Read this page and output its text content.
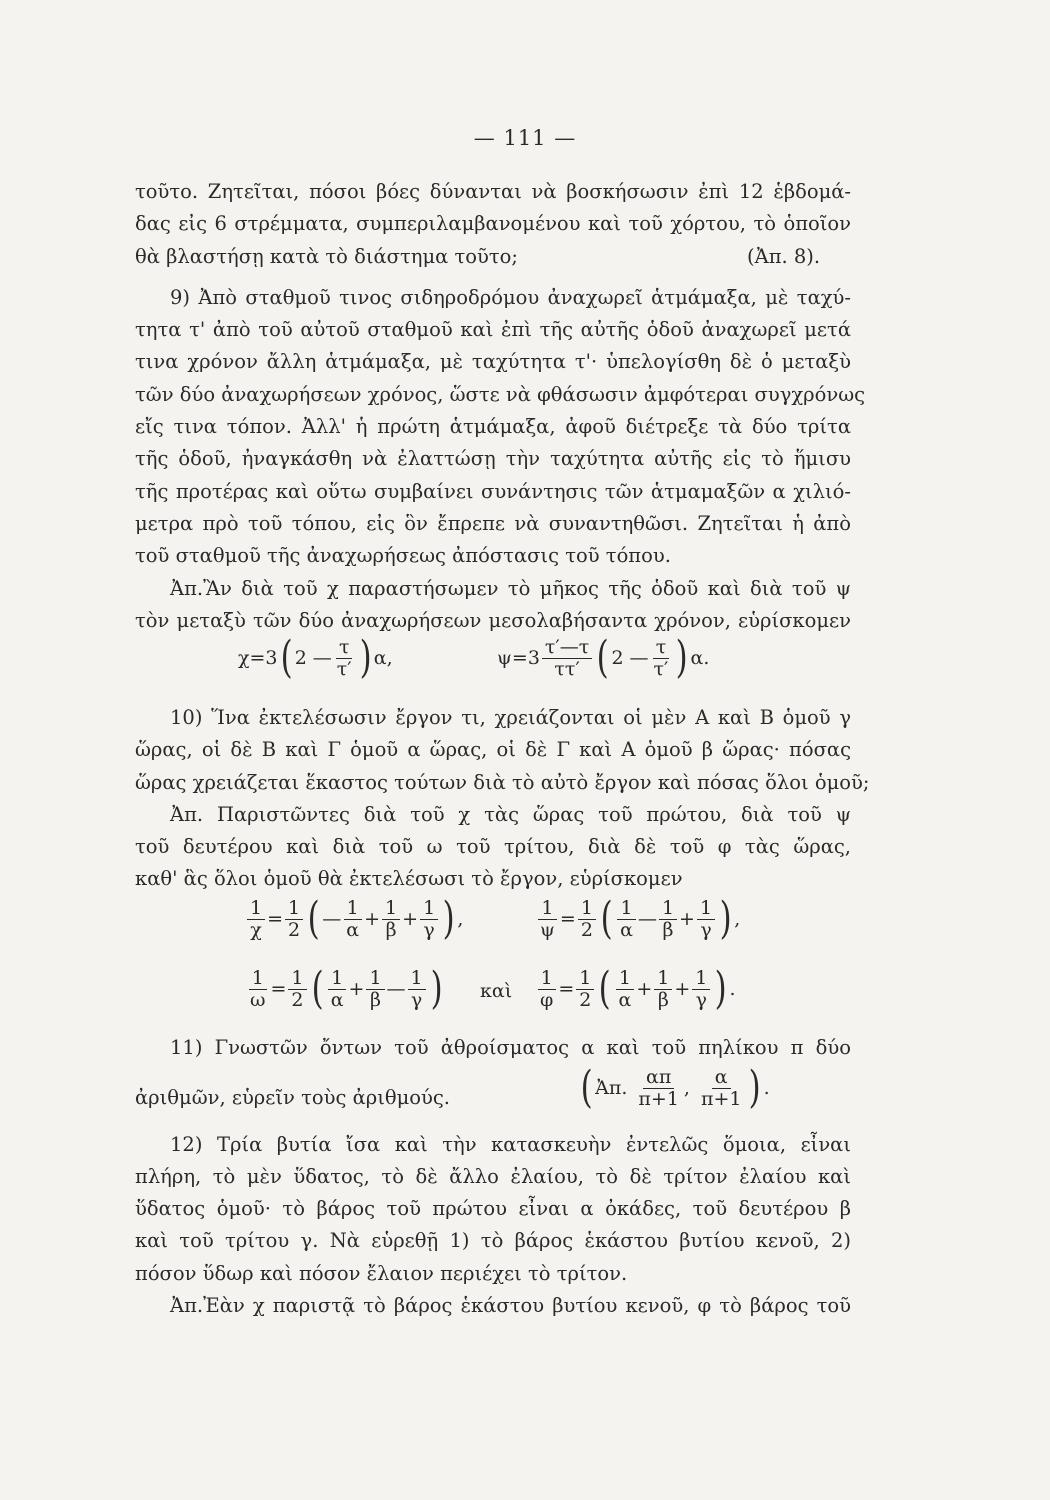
— 111 —
τοῦτο. Ζητεῖται, πόσοι βόες δύνανται νὰ βοσκήσωσιν ἐπὶ 12 ἑβδομά-
δας εἰς 6 στρέμματα, συμπεριλαμβανομένου καὶ τοῦ χόρτου, τὸ ὁποῖον
θὰ βλαστήσῃ κατὰ τὸ διάστημα τοῦτο;	(Ἀπ. 8).
9) Ἀπὸ σταθμοῦ τινος σιδηροδρόμου ἀναχωρεῖ ἁτμάμαξα, μὲ ταχύ-
τητα τ' ἀπὸ τοῦ αὐτοῦ σταθμοῦ καὶ ἐπὶ τῆς αὐτῆς ὁδοῦ ἀναχωρεῖ μετά
τινα χρόνον ἄλλη ἁτμάμαξα, μὲ ταχύτητα τ'· ὑπελογίσθη δὲ ὁ μεταξὺ
τῶν δύο ἀναχωρήσεων χρόνος, ὥστε νὰ φθάσωσιν ἀμφότεραι συγχρόνως
εἴς τινα τόπον. Ἀλλ' ἡ πρώτη ἁτμάμαξα, ἀφοῦ διέτρεξε τὰ δύο τρίτα
τῆς ὁδοῦ, ἠναγκάσθη νὰ ἐλαττώσῃ τὴν ταχύτητα αὐτῆς εἰς τὸ ἥμισυ
τῆς προτέρας καὶ οὕτω συμβαίνει συνάντησις τῶν ἁτμαμαξῶν α χιλιό-
μετρα πρὸ τοῦ τόπου, εἰς ὃν ἔπρεπε νὰ συναντηθῶσι. Ζητεῖται ἡ ἀπὸ
τοῦ σταθμοῦ τῆς ἀναχωρήσεως ἀπόστασις τοῦ τόπου.
Ἀπ.Ἂν διὰ τοῦ χ παραστήσωμεν τὸ μῆκος τῆς ὁδοῦ καὶ διὰ τοῦ ψ
τὸν μεταξὺ τῶν δύο ἀναχωρήσεων μεσολαβήσαντα χρόνον, εὑρίσκομεν
χ =3 ( 2 — $\frac{\tau}{\tau'}$ ) α ,	$\psi =3 \frac{\tau'—\tau}{\tau\tau'}$ ( 2 — $\frac{\tau}{\tau'}$ ) α .
10) Ἵνα ἐκτελέσωσιν ἔργον τι, χρειάζονται οἱ μὲν Α καὶ Β ὁμοῦ γ
ὥρας, οἱ δὲ Β καὶ Γ ὁμοῦ α ὥρας, οἱ δὲ Γ καὶ Α ὁμοῦ β ὥρας· πόσας
ὥρας χρειάζεται ἕκαστος τούτων διὰ τὸ αὐτὸ ἔργον καὶ πόσας ὅλοι ὁμοῦ;
Ἀπ. Παριστῶντες διὰ τοῦ χ τὰς ὥρας τοῦ πρώτου, διὰ τοῦ ψ
τοῦ δευτέρου καὶ διὰ τοῦ ω τοῦ τρίτου, διὰ δὲ τοῦ φ τὰς ὥρας,
καθ' ἃς ὅλοι ὁμοῦ θὰ ἐκτελέσωσι τὸ ἔργον, εὑρίσκομεν
$\frac{1}{\chi} = \frac{1}{2}$ ( — $\frac{1}{\alpha} + \frac{1}{\beta} + \frac{1}{\gamma}$ ) ,	$\frac{1}{\psi} = \frac{1}{2}$ ( $\frac{1}{\alpha}$ — $\frac{1}{\beta} + \frac{1}{\gamma}$ ) ,
$\frac{1}{\omega} = \frac{1}{2}$ ( $\frac{1}{\alpha} + \frac{1}{\beta}$ — $\frac{1}{\gamma}$ ) καὶ $\frac{1}{\varphi} = \frac{1}{2}$ ( $\frac{1}{\alpha} + \frac{1}{\beta} + \frac{1}{\gamma}$ ) .
11) Γνωστῶν ὄντων τοῦ ἀθροίσματος α καὶ τοῦ πηλίκου π δύο
ἀριθμῶν, εὑρεῖν τοὺς ἀριθμούς.	( Ἀπ. $\frac{\alpha\pi}{\pi+1}$ , $\frac{\alpha}{\pi+1}$ ) .
12) Τρία βυτία ἴσα καὶ τὴν κατασκευὴν ἐντελῶς ὅμοια, εἶναι
πλήρη, τὸ μὲν ὕδατος, τὸ δὲ ἄλλο ἐλαίου, τὸ δὲ τρίτον ἐλαίου καὶ
ὕδατος ὁμοῦ· τὸ βάρος τοῦ πρώτου εἶναι α ὀκάδες, τοῦ δευτέρου β
καὶ τοῦ τρίτου γ. Νὰ εὑρεθῇ 1) τὸ βάρος ἑκάστου βυτίου κενοῦ, 2)
πόσον ὕδωρ καὶ πόσον ἔλαιον περιέχει τὸ τρίτον.
Ἀπ.Ἐὰν χ παριστᾷ τὸ βάρος ἑκάστου βυτίου κενοῦ, φ τὸ βάρος τοῦ
